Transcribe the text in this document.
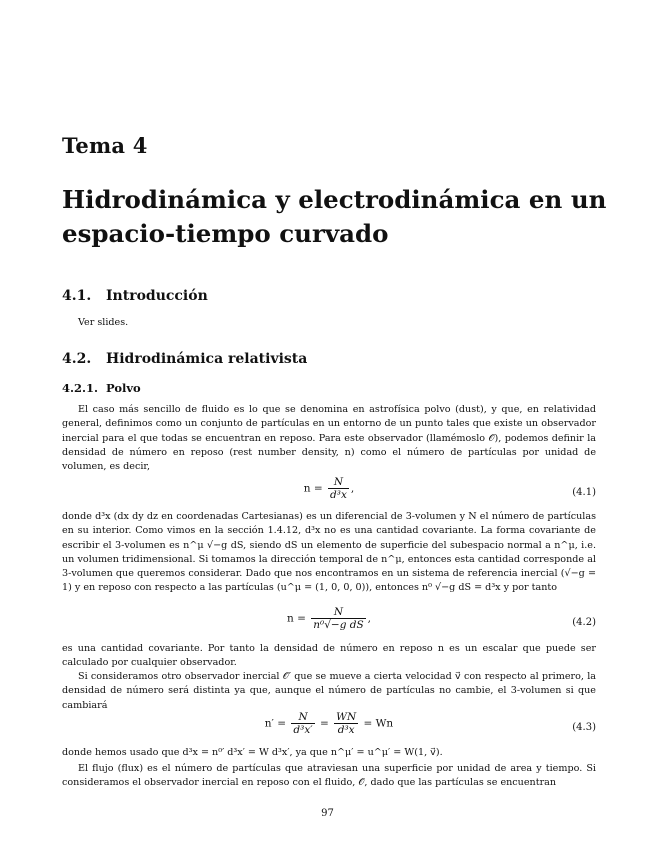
Tema 4
Hidrodinámica y electrodinámica en un espacio-tiempo curvado
4.1. Introducción
Ver slides.
4.2. Hidrodinámica relativista
4.2.1. Polvo
El caso más sencillo de fluido es lo que se denomina en astrofísica polvo (dust), y que, en relatividad general, definimos como un conjunto de partículas en un entorno de un punto tales que existe un observador inercial para el que todas se encuentran en reposo. Para este observador (llamémoslo 𝒪), podemos definir la densidad de número en reposo (rest number density, n) como el número de partículas por unidad de volumen, es decir,
$n = \frac{N}{\text{d³x}}$ ,	(4.1)
donde d³x (dx dy dz en coordenadas Cartesianas) es un diferencial de 3-volumen y N el número de partículas en su interior. Como vimos en la sección 1.4.12, d³x no es una cantidad covariante. La forma covariante de escribir el 3-volumen es n^μ √−g dS, siendo dS un elemento de superficie del subespacio normal a n^μ, i.e. un volumen tridimensional. Si tomamos la dirección temporal de n^μ, entonces esta cantidad corresponde al 3-volumen que queremos considerar. Dado que nos encontramos en un sistema de referencia inercial (√−g = 1) y en reposo con respecto a las partículas (u^μ = (1, 0, 0, 0)), entonces n⁰ √−g dS = d³x y por tanto
$n = \frac{N}{\text{n⁰√−g dS}}$ ,	(4.2)
es una cantidad covariante. Por tanto la densidad de número en reposo n es un escalar que puede ser calculado por cualquier observador.
Si consideramos otro observador inercial 𝒪′ que se mueve a cierta velocidad v⃗ con respecto al primero, la densidad de número será distinta ya que, aunque el número de partículas no cambie, el 3-volumen si que cambiará
$n' = \frac{N}{\text{d³x′}} = \frac{WN}{\text{d³x}} = Wn$	(4.3)
donde hemos usado que d³x = n⁰′ d³x′ = W d³x′, ya que n^μ′ = u^μ′ = W(1, v⃗).
El flujo (flux) es el número de partículas que atraviesan una superficie por unidad de area y tiempo. Si consideramos el observador inercial en reposo con el fluido, 𝒪, dado que las partículas se encuentran
97
